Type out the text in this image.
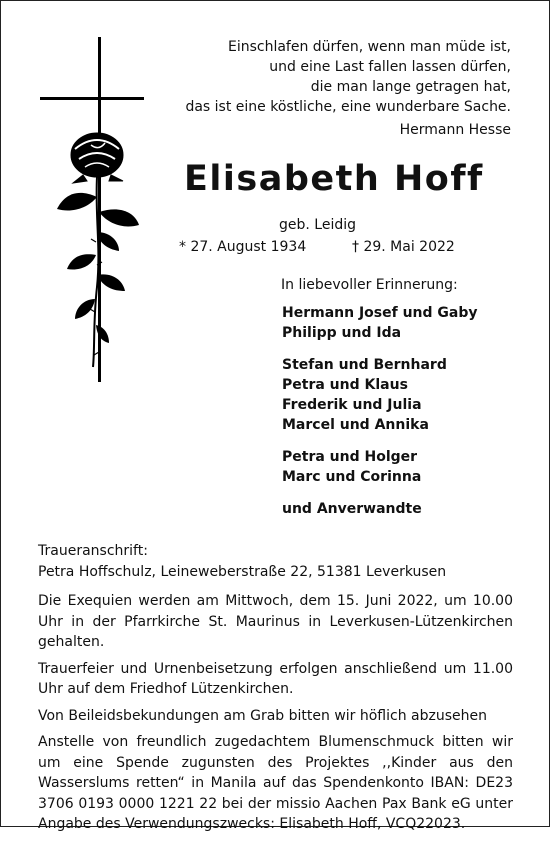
Einschlafen dürfen, wenn man müde ist,
und eine Last fallen lassen dürfen,
die man lange getragen hat,
das ist eine köstliche, eine wunderbare Sache.
Hermann Hesse
Elisabeth Hoff
geb. Leidig
* 27. August 1934	† 29. Mai 2022
In liebevoller Erinnerung:
Hermann Josef und Gaby
Philipp und Ida
Stefan und Bernhard
Petra und Klaus
Frederik und Julia
Marcel und Annika
Petra und Holger
Marc und Corinna
und Anverwandte
Traueranschrift:
Petra Hoffschulz, Leineweberstraße 22, 51381 Leverkusen

Die Exequien werden am Mittwoch, dem 15. Juni 2022, um 10.00 Uhr in der Pfarrkirche St. Maurinus in Leverkusen-Lützenkirchen gehalten.

Trauerfeier und Urnenbeisetzung erfolgen anschließend um 11.00 Uhr auf dem Friedhof Lützenkirchen.

Von Beileidsbekundungen am Grab bitten wir höflich abzusehen

Anstelle von freundlich zugedachtem Blumenschmuck bitten wir um eine Spende zugunsten des Projektes ,,Kinder aus den Wasserslums retten“ in Manila auf das Spendenkonto IBAN: DE23 3706 0193 0000 1221 22 bei der missio Aachen Pax Bank eG unter Angabe des Verwendungszwecks: Elisabeth Hoff, VCQ22023.
